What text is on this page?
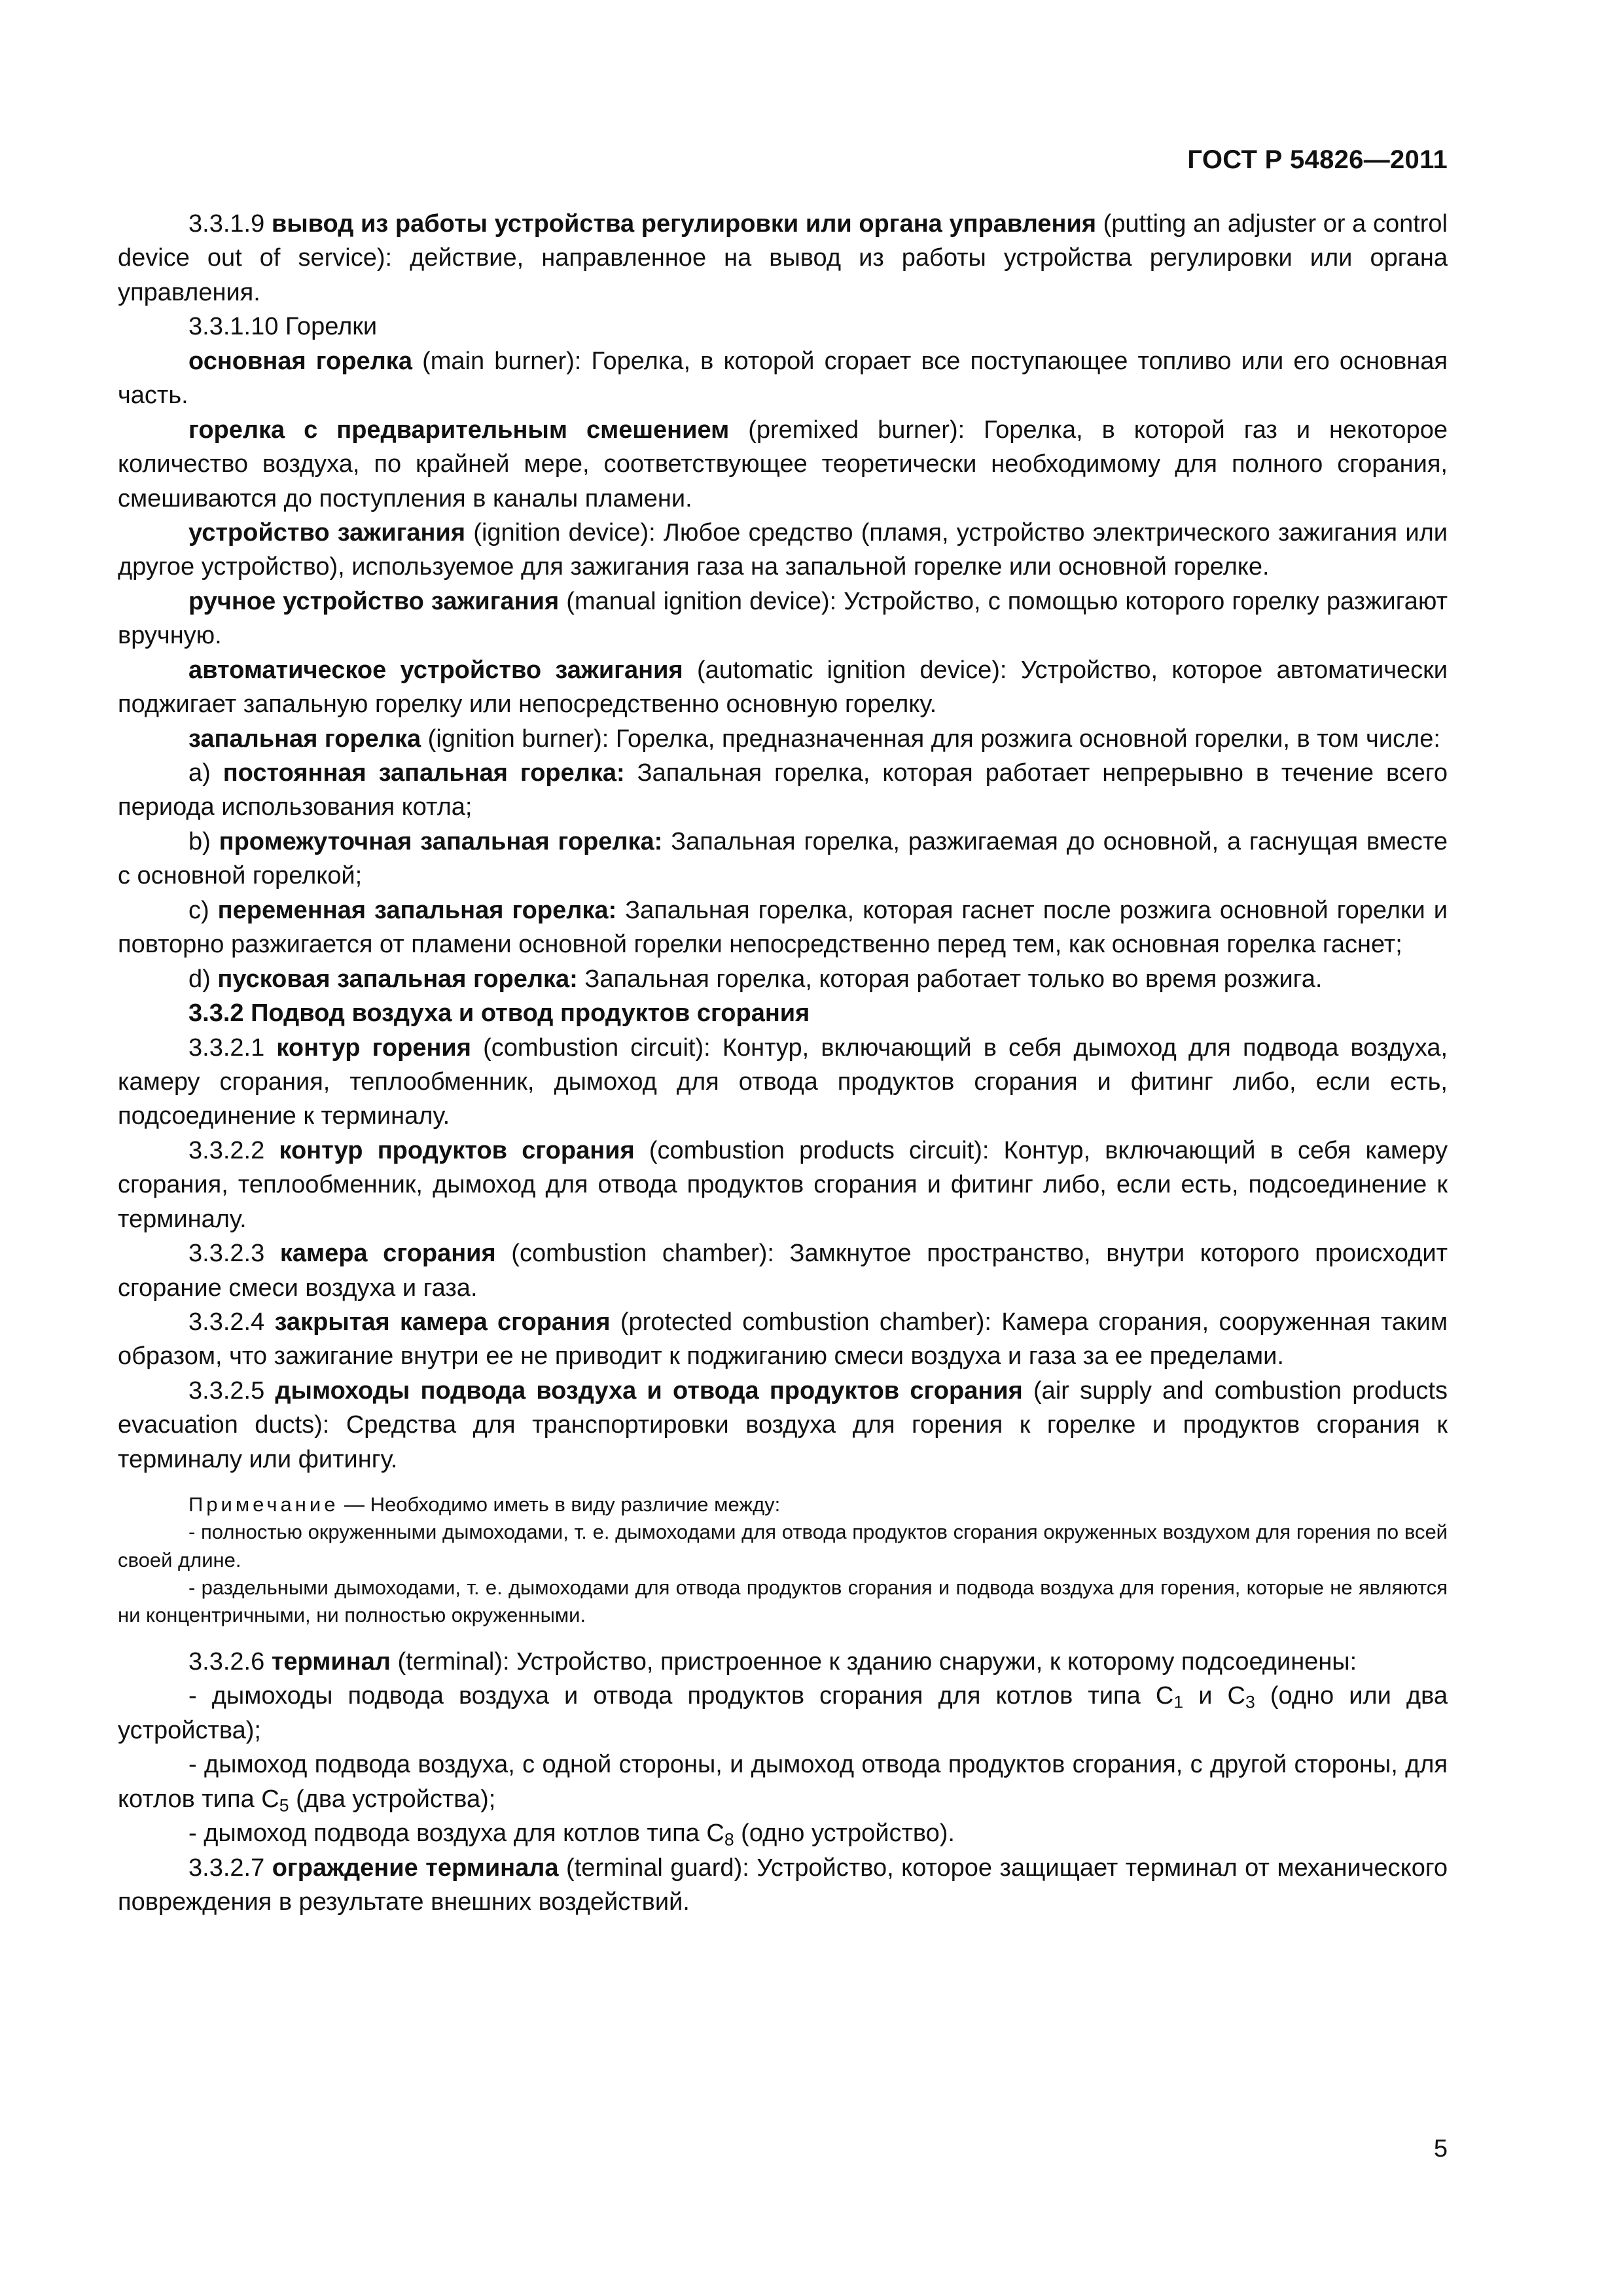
ГОСТ Р 54826—2011

3.3.1.9 вывод из работы устройства регулировки или органа управления (putting an adjuster or a control device out of service): действие, направленное на вывод из работы устройства регулировки или органа управления.

3.3.1.10 Горелки

основная горелка (main burner): Горелка, в которой сгорает все поступающее топливо или его основная часть.

горелка с предварительным смешением (premixed burner): Горелка, в которой газ и некоторое количество воздуха, по крайней мере, соответствующее теоретически необходимому для полного сгорания, смешиваются до поступления в каналы пламени.

устройство зажигания (ignition device): Любое средство (пламя, устройство электрического зажигания или другое устройство), используемое для зажигания газа на запальной горелке или основной горелке.

ручное устройство зажигания (manual ignition device): Устройство, с помощью которого горелку разжигают вручную.

автоматическое устройство зажигания (automatic ignition device): Устройство, которое автоматически поджигает запальную горелку или непосредственно основную горелку.

запальная горелка (ignition burner): Горелка, предназначенная для розжига основной горелки, в том числе:

a) постоянная запальная горелка: Запальная горелка, которая работает непрерывно в течение всего периода использования котла;

b) промежуточная запальная горелка: Запальная горелка, разжигаемая до основной, а гаснущая вместе с основной горелкой;

c) переменная запальная горелка: Запальная горелка, которая гаснет после розжига основной горелки и повторно разжигается от пламени основной горелки непосредственно перед тем, как основная горелка гаснет;

d) пусковая запальная горелка: Запальная горелка, которая работает только во время розжига.

3.3.2 Подвод воздуха и отвод продуктов сгорания

3.3.2.1 контур горения (combustion circuit): Контур, включающий в себя дымоход для подвода воздуха, камеру сгорания, теплообменник, дымоход для отвода продуктов сгорания и фитинг либо, если есть, подсоединение к терминалу.

3.3.2.2 контур продуктов сгорания (combustion products circuit): Контур, включающий в себя камеру сгорания, теплообменник, дымоход для отвода продуктов сгорания и фитинг либо, если есть, подсоединение к терминалу.

3.3.2.3 камера сгорания (combustion chamber): Замкнутое пространство, внутри которого происходит сгорание смеси воздуха и газа.

3.3.2.4 закрытая камера сгорания (protected combustion chamber): Камера сгорания, сооруженная таким образом, что зажигание внутри ее не приводит к поджиганию смеси воздуха и газа за ее пределами.

3.3.2.5 дымоходы подвода воздуха и отвода продуктов сгорания (air supply and combustion products evacuation ducts): Средства для транспортировки воздуха для горения к горелке и продуктов сгорания к терминалу или фитингу.

Примечание — Необходимо иметь в виду различие между:

- полностью окруженными дымоходами, т. е. дымоходами для отвода продуктов сгорания окруженных воздухом для горения по всей своей длине.

- раздельными дымоходами, т. е. дымоходами для отвода продуктов сгорания и подвода воздуха для горения, которые не являются ни концентричными, ни полностью окруженными.

3.3.2.6 терминал (terminal): Устройство, пристроенное к зданию снаружи, к которому подсоединены:

- дымоходы подвода воздуха и отвода продуктов сгорания для котлов типа $С_1$ и $С_3$ (одно или два устройства);

- дымоход подвода воздуха, с одной стороны, и дымоход отвода продуктов сгорания, с другой стороны, для котлов типа $С_5$ (два устройства);

- дымоход подвода воздуха для котлов типа $С_8$ (одно устройство).

3.3.2.7 ограждение терминала (terminal guard): Устройство, которое защищает терминал от механического повреждения в результате внешних воздействий.

5
